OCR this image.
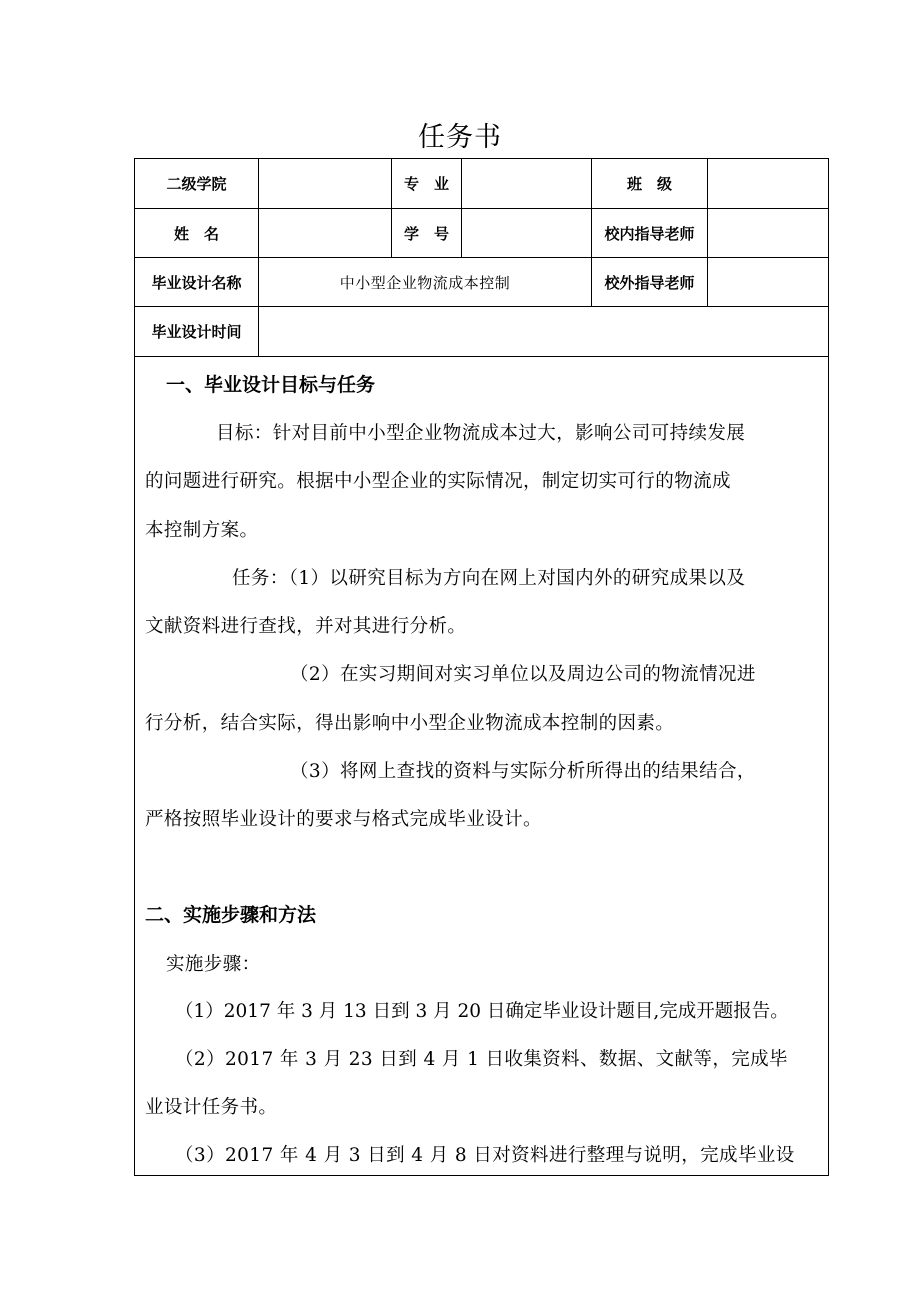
任务书
二级学院	专　业	班　级
姓　名	学　号	校内指导老师
毕业设计名称	中小型企业物流成本控制	校外指导老师
毕业设计时间
一、毕业设计目标与任务
目标：针对目前中小型企业物流成本过大，影响公司可持续发展
的问题进行研究。根据中小型企业的实际情况，制定切实可行的物流成
本控制方案。
任务：（1）以研究目标为方向在网上对国内外的研究成果以及
文献资料进行查找，并对其进行分析。
（2）在实习期间对实习单位以及周边公司的物流情况进
行分析，结合实际，得出影响中小型企业物流成本控制的因素。
（3）将网上查找的资料与实际分析所得出的结果结合，
严格按照毕业设计的要求与格式完成毕业设计。
二、实施步骤和方法
实施步骤：
（1）2017 年 3 月 13 日到 3 月 20 日确定毕业设计题目,完成开题报告。
（2）2017 年 3 月 23 日到 4 月 1 日收集资料、数据、文献等，完成毕
业设计任务书。
（3）2017 年 4 月 3 日到 4 月 8 日对资料进行整理与说明，完成毕业设
